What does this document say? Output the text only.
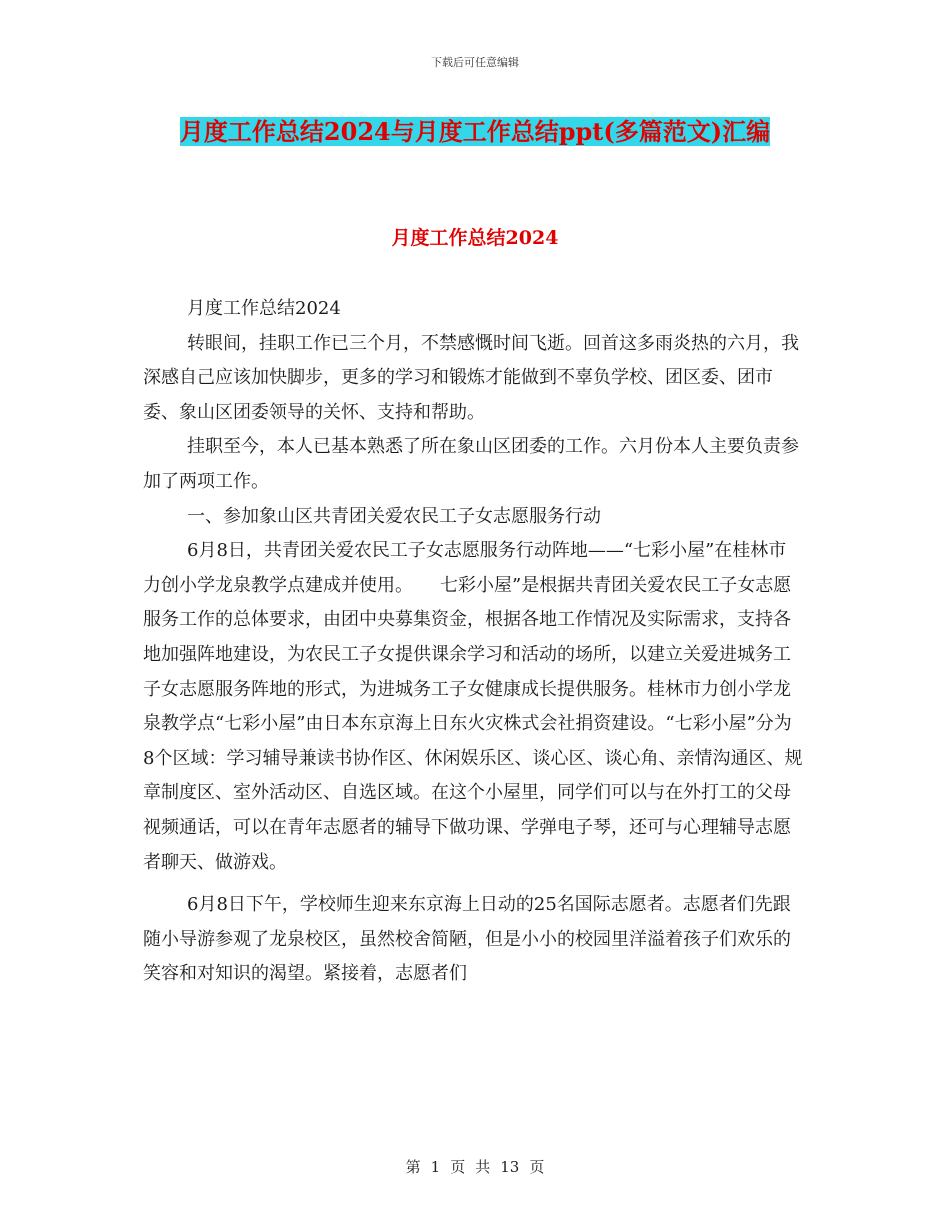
下载后可任意编辑
月度工作总结2024与月度工作总结ppt(多篇范文)汇编
月度工作总结2024

月度工作总结2024

转眼间，挂职工作已三个月，不禁感慨时间飞逝。回首这多雨炎热的六月，我深感自己应该加快脚步，更多的学习和锻炼才能做到不辜负学校、团区委、团市委、象山区团委领导的关怀、支持和帮助。

挂职至今，本人已基本熟悉了所在象山区团委的工作。六月份本人主要负责参加了两项工作。

一、参加象山区共青团关爱农民工子女志愿服务行动

6月8日，共青团关爱农民工子女志愿服务行动阵地——“七彩小屋”在桂林市力创小学龙泉教学点建成并使用。　　七彩小屋”是根据共青团关爱农民工子女志愿服务工作的总体要求，由团中央募集资金，根据各地工作情况及实际需求，支持各地加强阵地建设，为农民工子女提供课余学习和活动的场所，以建立关爱进城务工子女志愿服务阵地的形式，为进城务工子女健康成长提供服务。桂林市力创小学龙泉教学点“七彩小屋”由日本东京海上日东火灾株式会社捐资建设。“七彩小屋”分为8个区域：学习辅导兼读书协作区、休闲娱乐区、谈心区、谈心角、亲情沟通区、规章制度区、室外活动区、自选区域。在这个小屋里，同学们可以与在外打工的父母视频通话，可以在青年志愿者的辅导下做功课、学弹电子琴，还可与心理辅导志愿者聊天、做游戏。

6月8日下午，学校师生迎来东京海上日动的25名国际志愿者。志愿者们先跟随小导游参观了龙泉校区，虽然校舍简陋，但是小小的校园里洋溢着孩子们欢乐的笑容和对知识的渴望。紧接着，志愿者们

第 1 页 共 13 页
